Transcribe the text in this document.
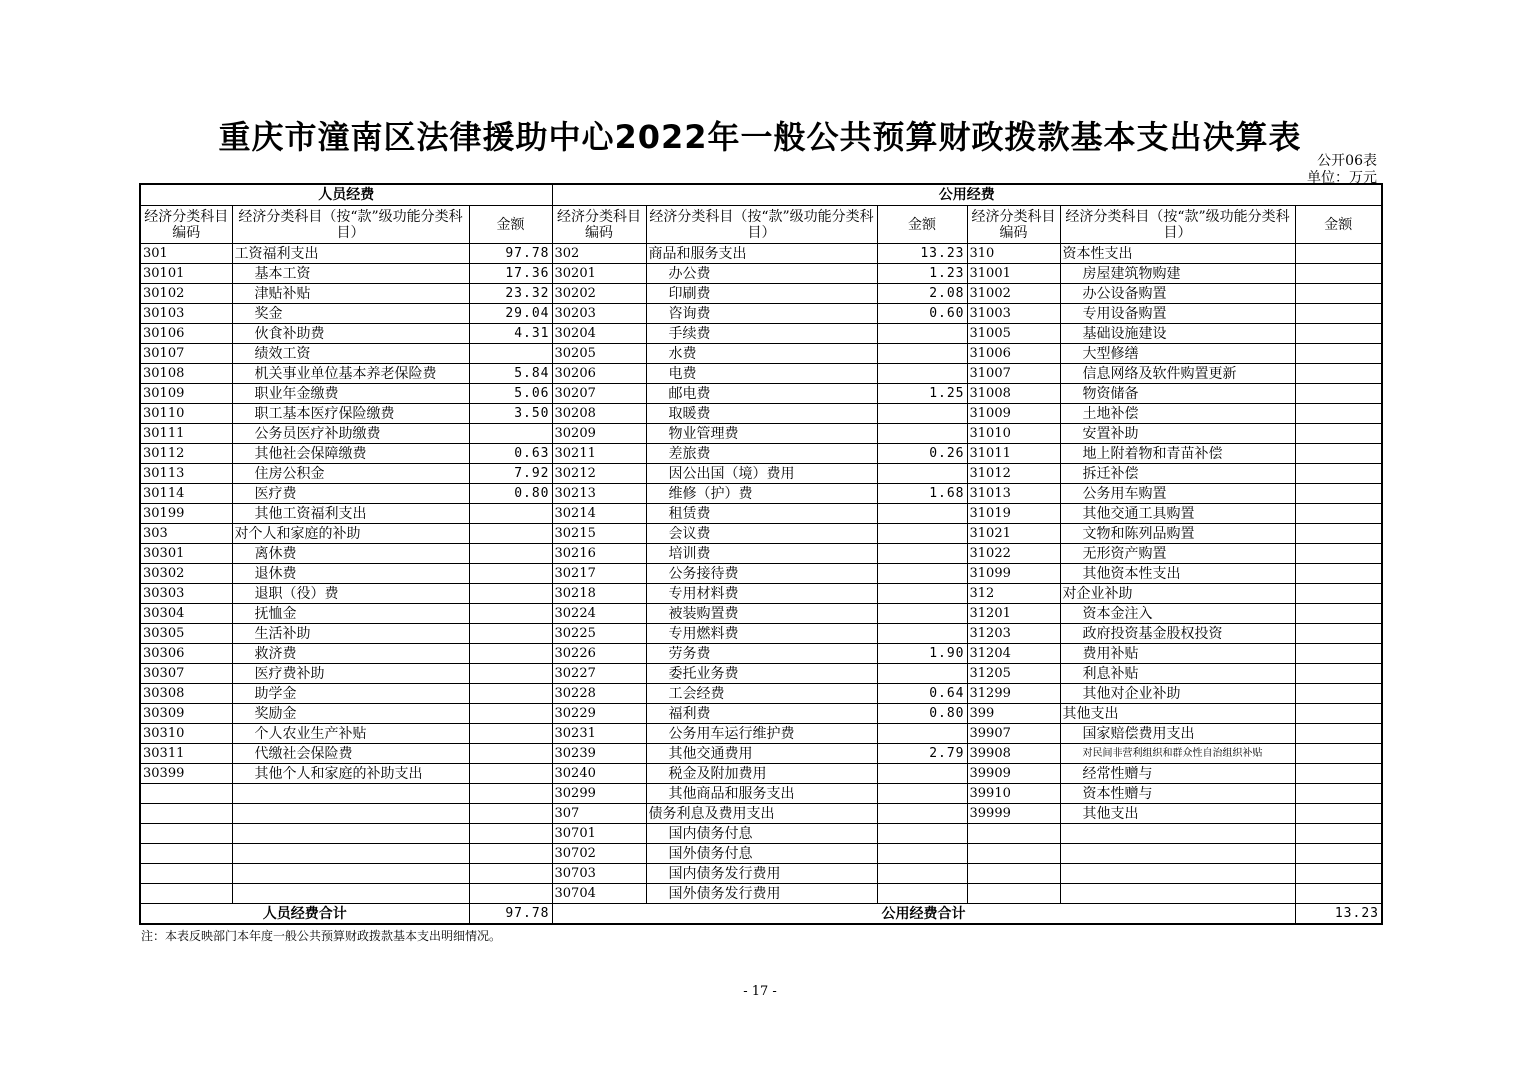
重庆市潼南区法律援助中心2022年一般公共预算财政拨款基本支出决算表
公开06表
单位：万元
人员经费			公用经费					
经济分类科目编码	经济分类科目（按“款”级功能分类科目）	金额	经济分类科目编码	经济分类科目（按“款”级功能分类科目）	金额	经济分类科目编码	经济分类科目（按“款”级功能分类科目）	金额
301	工资福利支出	97.78	302	商品和服务支出	13.23	310	资本性支出	
30101	基本工资	17.36	30201	办公费	1.23	31001	房屋建筑物购建	
30102	津贴补贴	23.32	30202	印刷费	2.08	31002	办公设备购置	
30103	奖金	29.04	30203	咨询费	0.60	31003	专用设备购置	
30106	伙食补助费	4.31	30204	手续费		31005	基础设施建设	
30107	绩效工资		30205	水费		31006	大型修缮	
30108	机关事业单位基本养老保险费	5.84	30206	电费		31007	信息网络及软件购置更新	
30109	职业年金缴费	5.06	30207	邮电费	1.25	31008	物资储备	
30110	职工基本医疗保险缴费	3.50	30208	取暖费		31009	土地补偿	
30111	公务员医疗补助缴费		30209	物业管理费		31010	安置补助	
30112	其他社会保障缴费	0.63	30211	差旅费	0.26	31011	地上附着物和青苗补偿	
30113	住房公积金	7.92	30212	因公出国（境）费用		31012	拆迁补偿	
30114	医疗费	0.80	30213	维修（护）费	1.68	31013	公务用车购置	
30199	其他工资福利支出		30214	租赁费		31019	其他交通工具购置	
303	对个人和家庭的补助		30215	会议费		31021	文物和陈列品购置	
30301	离休费		30216	培训费		31022	无形资产购置	
30302	退休费		30217	公务接待费		31099	其他资本性支出	
30303	退职（役）费		30218	专用材料费		312	对企业补助	
30304	抚恤金		30224	被装购置费		31201	资本金注入	
30305	生活补助		30225	专用燃料费		31203	政府投资基金股权投资	
30306	救济费		30226	劳务费	1.90	31204	费用补贴	
30307	医疗费补助		30227	委托业务费		31205	利息补贴	
30308	助学金		30228	工会经费	0.64	31299	其他对企业补助	
30309	奖励金		30229	福利费	0.80	399	其他支出	
30310	个人农业生产补贴		30231	公务用车运行维护费		39907	国家赔偿费用支出	
30311	代缴社会保险费		30239	其他交通费用	2.79	39908	对民间非营利组织和群众性自治组织补贴	
30399	其他个人和家庭的补助支出		30240	税金及附加费用		39909	经常性赠与	
			30299	其他商品和服务支出		39910	资本性赠与	
			307	债务利息及费用支出		39999	其他支出	
			30701	国内债务付息				
			30702	国外债务付息				
			30703	国内债务发行费用				
			30704	国外债务发行费用				
人员经费合计		97.78	公用经费合计					13.23
注：本表反映部门本年度一般公共预算财政拨款基本支出明细情况。
- 17 -
